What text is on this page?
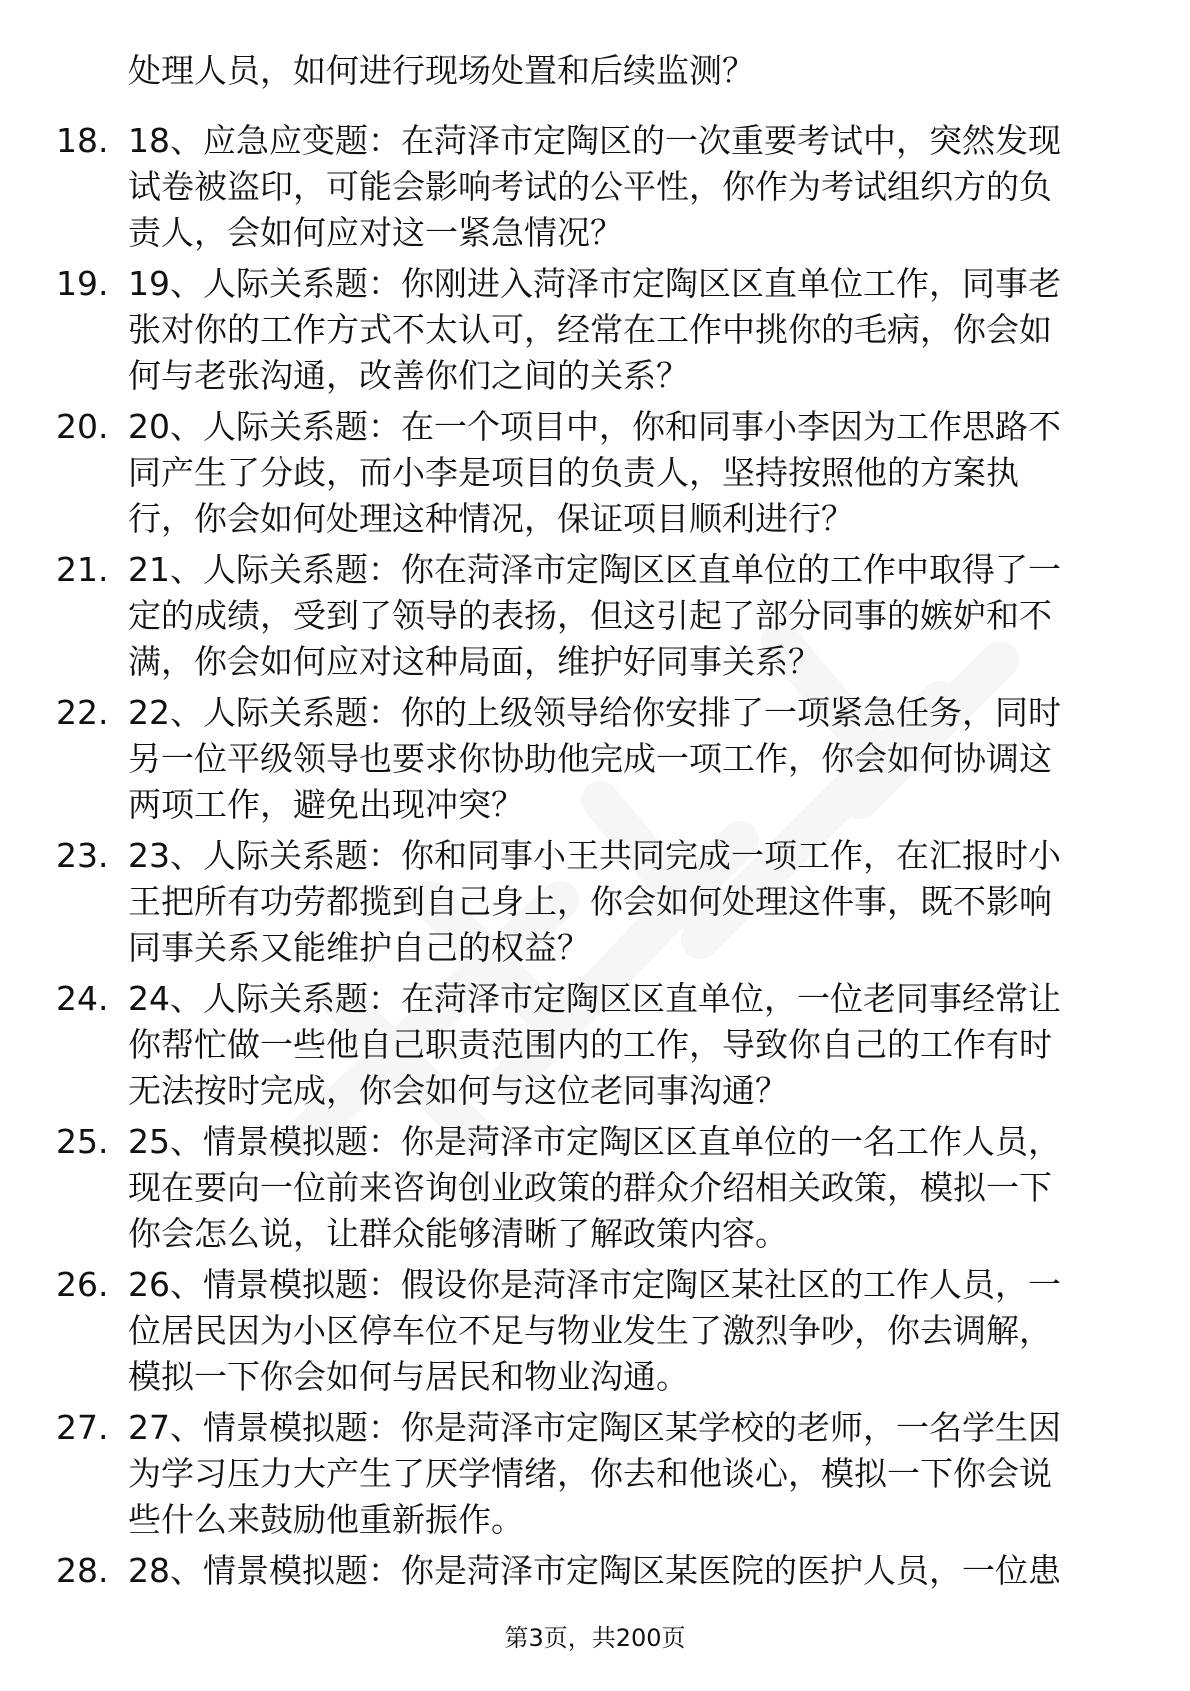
处理人员，如何进行现场处置和后续监测？
18. 18、应急应变题：在菏泽市定陶区的一次重要考试中，突然发现
试卷被盗印，可能会影响考试的公平性，你作为考试组织方的负
责人，会如何应对这一紧急情况？
19. 19、人际关系题：你刚进入菏泽市定陶区区直单位工作，同事老
张对你的工作方式不太认可，经常在工作中挑你的毛病，你会如
何与老张沟通，改善你们之间的关系？
20. 20、人际关系题：在一个项目中，你和同事小李因为工作思路不
同产生了分歧，而小李是项目的负责人，坚持按照他的方案执
行，你会如何处理这种情况，保证项目顺利进行？
21. 21、人际关系题：你在菏泽市定陶区区直单位的工作中取得了一
定的成绩，受到了领导的表扬，但这引起了部分同事的嫉妒和不
满，你会如何应对这种局面，维护好同事关系？
22. 22、人际关系题：你的上级领导给你安排了一项紧急任务，同时
另一位平级领导也要求你协助他完成一项工作，你会如何协调这
两项工作，避免出现冲突？
23. 23、人际关系题：你和同事小王共同完成一项工作，在汇报时小
王把所有功劳都揽到自己身上，你会如何处理这件事，既不影响
同事关系又能维护自己的权益？
24. 24、人际关系题：在菏泽市定陶区区直单位，一位老同事经常让
你帮忙做一些他自己职责范围内的工作，导致你自己的工作有时
无法按时完成，你会如何与这位老同事沟通？
25. 25、情景模拟题：你是菏泽市定陶区区直单位的一名工作人员，
现在要向一位前来咨询创业政策的群众介绍相关政策，模拟一下
你会怎么说，让群众能够清晰了解政策内容。
26. 26、情景模拟题：假设你是菏泽市定陶区某社区的工作人员，一
位居民因为小区停车位不足与物业发生了激烈争吵，你去调解，
模拟一下你会如何与居民和物业沟通。
27. 27、情景模拟题：你是菏泽市定陶区某学校的老师，一名学生因
为学习压力大产生了厌学情绪，你去和他谈心，模拟一下你会说
些什么来鼓励他重新振作。
28. 28、情景模拟题：你是菏泽市定陶区某医院的医护人员，一位患
第3页，共200页
